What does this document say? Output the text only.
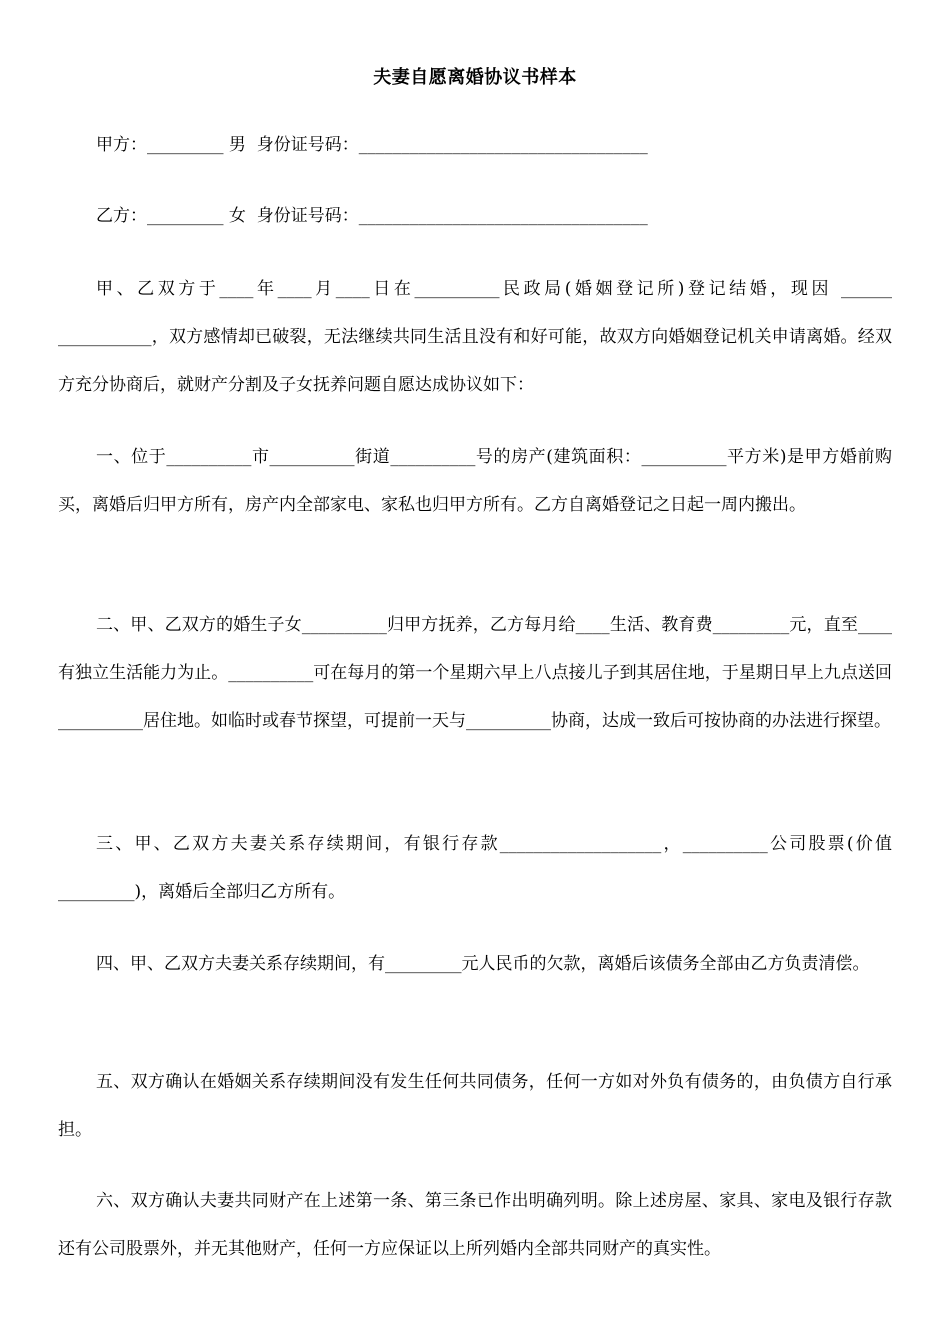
夫妻自愿离婚协议书样本
甲方：_________ 男  身份证号码：__________________________________
乙方：_________ 女  身份证号码：__________________________________

甲、乙双方于____年____月____日在__________民政局(婚姻登记所)登记结婚，现因 ______ ___________，双方感情却已破裂，无法继续共同生活且没有和好可能，故双方向婚姻登记机关申请离婚。经双方充分协商后，就财产分割及子女抚养问题自愿达成协议如下：

一、位于__________市__________街道__________号的房产(建筑面积：__________平方米)是甲方婚前购买，离婚后归甲方所有，房产内全部家电、家私也归甲方所有。乙方自离婚登记之日起一周内搬出。

二、甲、乙双方的婚生子女__________归甲方抚养，乙方每月给____生活、教育费_________元，直至____有独立生活能力为止。__________可在每月的第一个星期六早上八点接儿子到其居住地，于星期日早上九点送回__________居住地。如临时或春节探望，可提前一天与__________协商，达成一致后可按协商的办法进行探望。

三、甲、乙双方夫妻关系存续期间，有银行存款___________________，__________公司股票(价值_________)，离婚后全部归乙方所有。

四、甲、乙双方夫妻关系存续期间，有_________元人民币的欠款，离婚后该债务全部由乙方负责清偿。

五、双方确认在婚姻关系存续期间没有发生任何共同债务，任何一方如对外负有债务的，由负债方自行承担。

六、双方确认夫妻共同财产在上述第一条、第三条已作出明确列明。除上述房屋、家具、家电及银行存款还有公司股票外，并无其他财产，任何一方应保证以上所列婚内全部共同财产的真实性。
